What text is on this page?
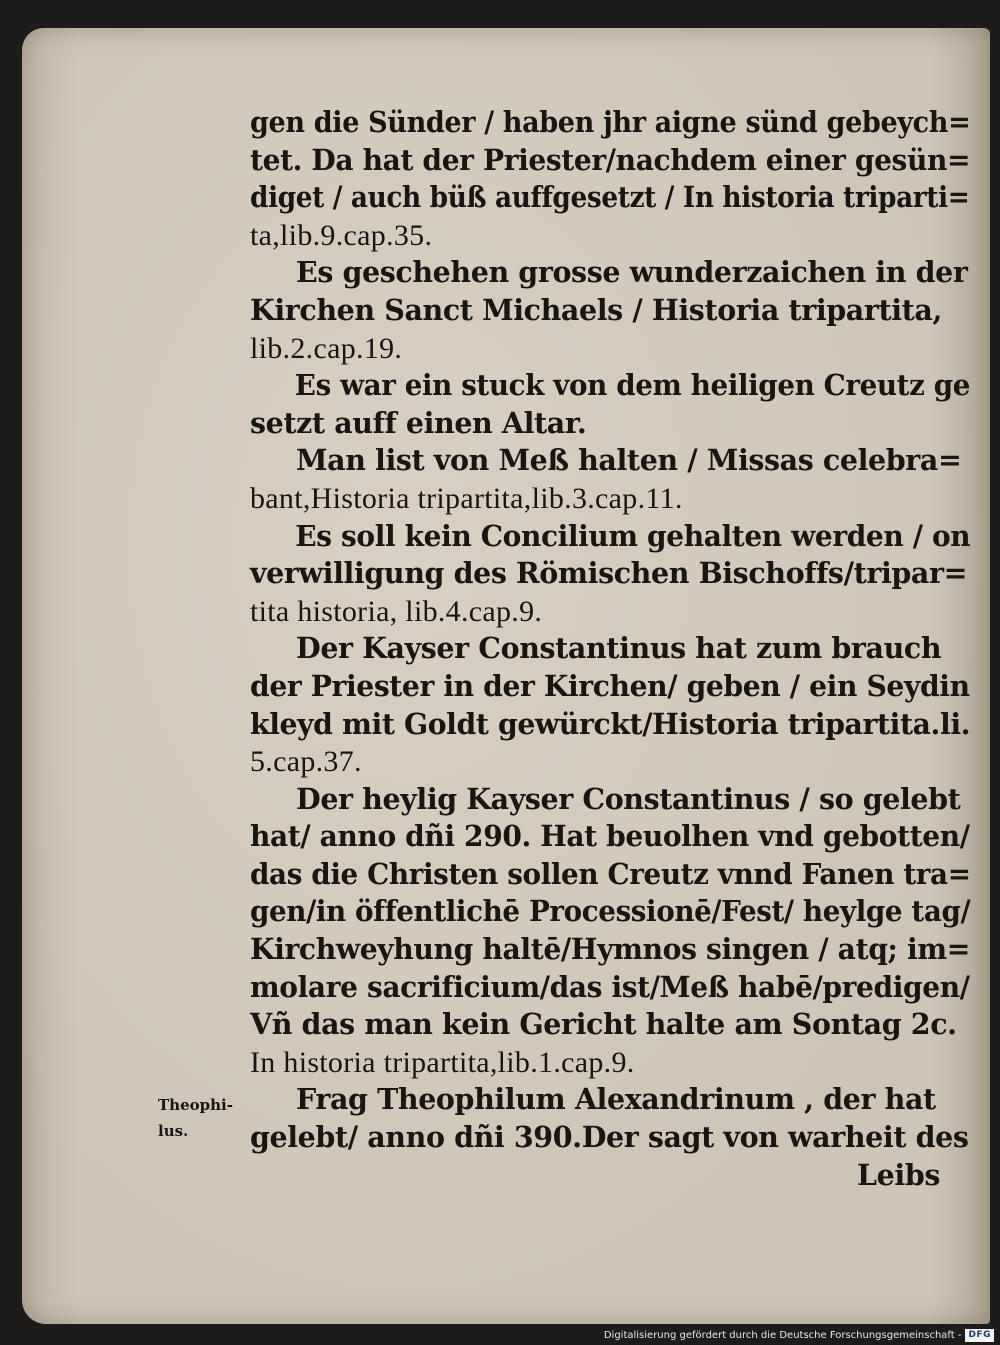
gen die Sünder / haben jhr aigne sünd gebeych=
tet. Da hat der Priester/nachdem einer gesün=
diget / auch büß auffgesetzt / In historia triparti=
ta,lib.9.cap.35.
Es geschehen grosse wunderzaichen in der
Kirchen Sanct Michaels / Historia tripartita,
lib.2.cap.19.
Es war ein stuck von dem heiligen Creutz ge
setzt auff einen Altar.
Man list von Meß halten / Missas celebra=
bant,Historia tripartita,lib.3.cap.11.
Es soll kein Concilium gehalten werden / on
verwilligung des Römischen Bischoffs/tripar=
tita historia, lib.4.cap.9.
Der Kayser Constantinus hat zum brauch
der Priester in der Kirchen/ geben / ein Seydin
kleyd mit Goldt gewürckt/Historia tripartita.li.
5.cap.37.
Der heylig Kayser Constantinus / so gelebt
hat/ anno dñi 290. Hat beuolhen vnd gebotten/
das die Christen sollen Creutz vnnd Fanen tra=
gen/in öffentlichē Processionē/Fest/ heylge tag/
Kirchweyhung haltē/Hymnos singen / atq; im=
molare sacrificium/das ist/Meß habē/predigen/
Vñ das man kein Gericht halte am Sontag 2c.
In historia tripartita,lib.1.cap.9.
Frag Theophilum Alexandrinum , der hat
gelebt/ anno dñi 390.Der sagt von warheit des
Leibs
Theophi-
lus.
Digitalisierung gefördert durch die Deutsche Forschungsgemeinschaft - DFG
